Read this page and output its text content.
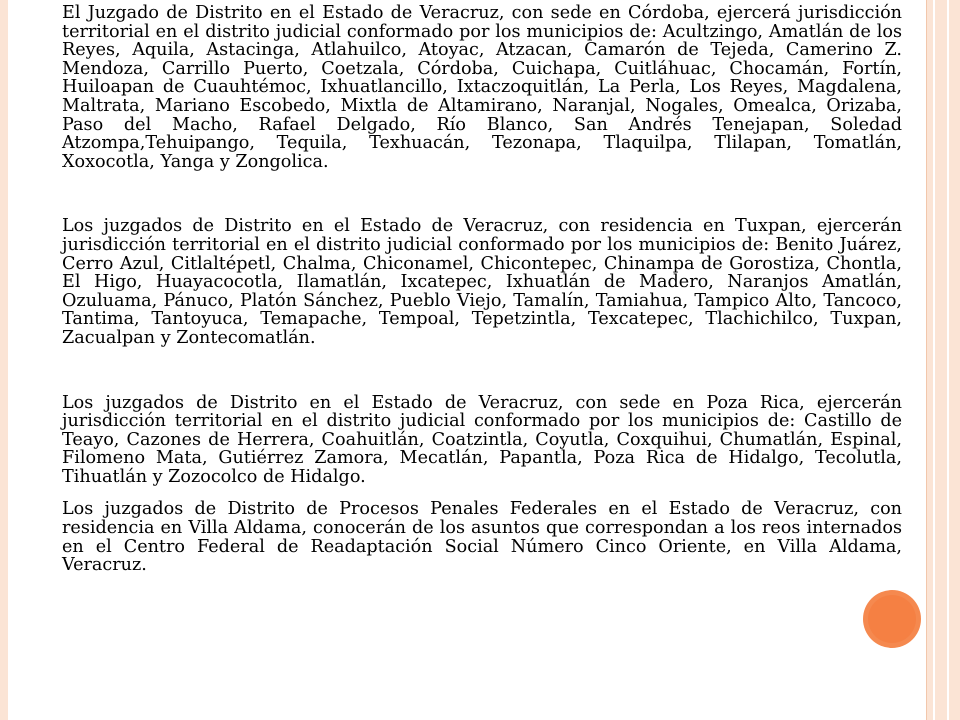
El Juzgado de Distrito en el Estado de Veracruz, con sede en Córdoba, ejercerá jurisdicción territorial en el distrito judicial conformado por los municipios de: Acultzingo, Amatlán de los Reyes, Aquila, Astacinga, Atlahuilco, Atoyac, Atzacan, Camarón de Tejeda, Camerino Z. Mendoza, Carrillo Puerto, Coetzala, Córdoba, Cuichapa, Cuitláhuac, Chocamán, Fortín, Huiloapan de Cuauhtémoc, Ixhuatlancillo, Ixtaczoquitlán, La Perla, Los Reyes, Magdalena, Maltrata, Mariano Escobedo, Mixtla de Altamirano, Naranjal, Nogales, Omealca, Orizaba, Paso del Macho, Rafael Delgado, Río Blanco, San Andrés Tenejapan, Soledad Atzompa,Tehuipango, Tequila, Texhuacán, Tezonapa, Tlaquilpa, Tlilapan, Tomatlán, Xoxocotla, Yanga y Zongolica.

Los juzgados de Distrito en el Estado de Veracruz, con residencia en Tuxpan, ejercerán jurisdicción territorial en el distrito judicial conformado por los municipios de: Benito Juárez, Cerro Azul, Citlaltépetl, Chalma, Chiconamel, Chicontepec, Chinampa de Gorostiza, Chontla, El Higo, Huayacocotla, Ilamatlán, Ixcatepec, Ixhuatlán de Madero, Naranjos Amatlán, Ozuluama, Pánuco, Platón Sánchez, Pueblo Viejo, Tamalín, Tamiahua, Tampico Alto, Tancoco, Tantima, Tantoyuca, Temapache, Tempoal, Tepetzintla, Texcatepec, Tlachichilco, Tuxpan, Zacualpan y Zontecomatlán.

Los juzgados de Distrito en el Estado de Veracruz, con sede en Poza Rica, ejercerán jurisdicción territorial en el distrito judicial conformado por los municipios de: Castillo de Teayo, Cazones de Herrera, Coahuitlán, Coatzintla, Coyutla, Coxquihui, Chumatlán, Espinal, Filomeno Mata, Gutiérrez Zamora, Mecatlán, Papantla, Poza Rica de Hidalgo, Tecolutla, Tihuatlán y Zozocolco de Hidalgo.

Los juzgados de Distrito de Procesos Penales Federales en el Estado de Veracruz, con residencia en Villa Aldama, conocerán de los asuntos que correspondan a los reos internados en el Centro Federal de Readaptación Social Número Cinco Oriente, en Villa Aldama, Veracruz.
